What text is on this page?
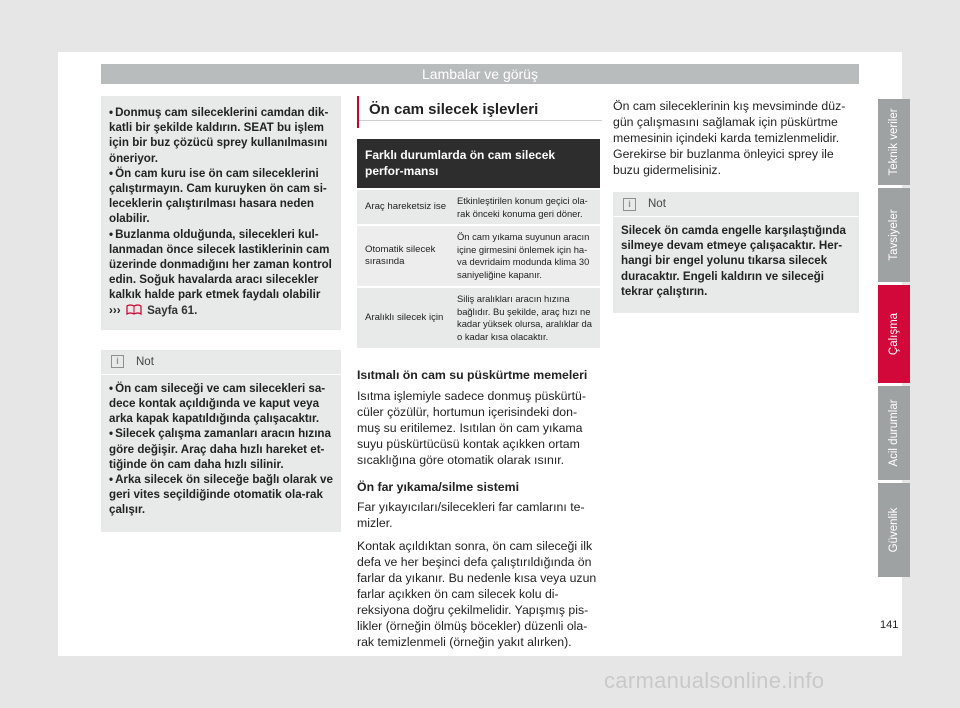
Lambalar ve görüş

• Donmuş cam sileceklerini camdan dik-katli bir şekilde kaldırın. SEAT bu işlem için bir buz çözücü sprey kullanılmasını öneriyor.

• Ön cam kuru ise ön cam sileceklerini çalıştırmayın. Cam kuruyken ön cam si-leceklerin çalıştırılması hasara neden olabilir.

• Buzlanma olduğunda, silecekleri kul-lanmadan önce silecek lastiklerinin cam üzerinde donmadığını her zaman kontrol edin. Soğuk havalarda aracı silecekler kalkık halde park etmek faydalı olabilir
››› Sayfa 61.

i	Not

• Ön cam sileceği ve cam silecekleri sa-dece kontak açıldığında ve kaput veya arka kapak kapatıldığında çalışacaktır.

• Silecek çalışma zamanları aracın hızına göre değişir. Araç daha hızlı hareket et-tiğinde ön cam daha hızlı silinir.

• Arka silecek ön sileceğe bağlı olarak ve geri vites seçildiğinde otomatik ola-rak çalışır.

Ön cam silecek işlevleri
Farklı durumlarda ön cam silecek perfor-mansı
Araç hareketsiz ise
Etkinleştirilen konum geçici ola-rak önceki konuma geri döner.
Otomatik silecek sırasında
Ön cam yıkama suyunun aracın içine girmesini önlemek için ha-va devridaim modunda klima 30 saniyeliğine kapanır.
Aralıklı silecek için
Siliş aralıkları aracın hızına bağlıdır. Bu şekilde, araç hızı ne kadar yüksek olursa, aralıklar da o kadar kısa olacaktır.

Isıtmalı ön cam su püskürtme memeleri

Isıtma işlemiyle sadece donmuş püskürtü-cüler çözülür, hortumun içerisindeki don-muş su eritilemez. Isıtılan ön cam yıkama suyu püskürtücüsü kontak açıkken ortam sıcaklığına göre otomatik olarak ısınır.

Ön far yıkama/silme sistemi

Far yıkayıcıları/silecekleri far camlarını te-mizler.

Kontak açıldıktan sonra, ön cam sileceği ilk defa ve her beşinci defa çalıştırıldığında ön farlar da yıkanır. Bu nedenle kısa veya uzun farlar açıkken ön cam silecek kolu di-reksiyona doğru çekilmelidir. Yapışmış pis-likler (örneğin ölmüş böcekler) düzenli ola-rak temizlenmeli (örneğin yakıt alırken).

Ön cam sileceklerinin kış mevsiminde düz-gün çalışmasını sağlamak için püskürtme memesinin içindeki karda temizlenmelidir. Gerekirse bir buzlanma önleyici sprey ile buzu gidermelisiniz.

i	Not

Silecek ön camda engelle karşılaştığında silmeye devam etmeye çalışacaktır. Her-hangi bir engel yolunu tıkarsa silecek duracaktır. Engeli kaldırın ve sileceği tekrar çalıştırın.

Teknik veriler
Tavsiyeler
Çalışma
Acil durumlar
Güvenlik
141
carmanualsonline.info
